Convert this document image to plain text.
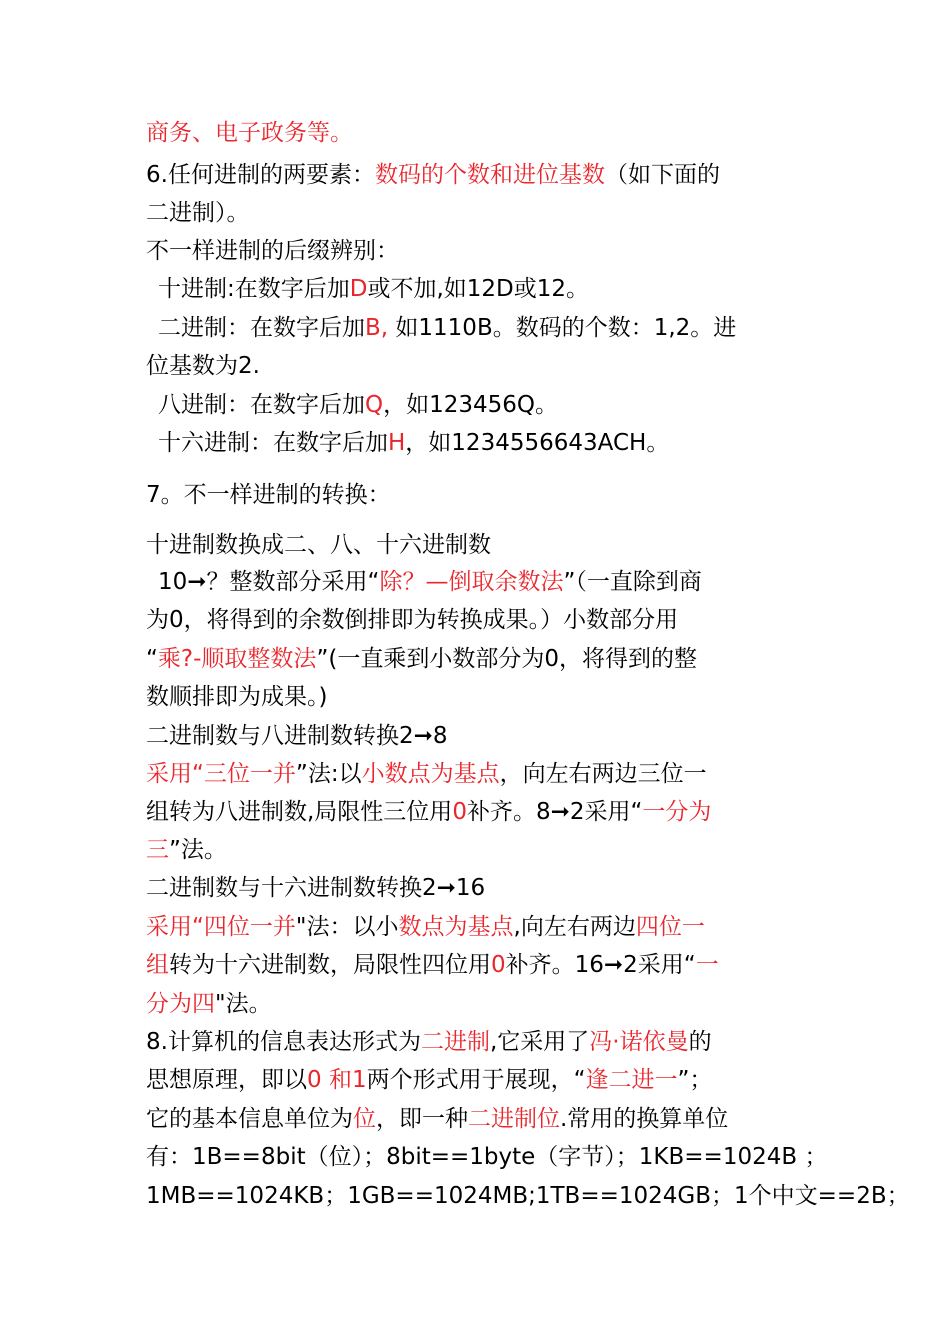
商务、电子政务等。
6.任何进制的两要素：数码的个数和进位基数（如下面的
二进制）。
不一样进制的后缀辨别：
十进制:在数字后加D或不加,如12D或12。
二进制：在数字后加B, 如1110B。数码的个数：1,2。进
位基数为2.
八进制：在数字后加Q，如123456Q。
十六进制：在数字后加H，如1234556643ACH。
7。不一样进制的转换：
十进制数换成二、八、十六进制数
10➞？整数部分采用“除？—倒取余数法”（一直除到商
为0，将得到的余数倒排即为转换成果。）小数部分用
“乘?-顺取整数法”(一直乘到小数部分为0，将得到的整
数顺排即为成果。)
二进制数与八进制数转换2➞8
采用“三位一并”法:以小数点为基点，向左右两边三位一
组转为八进制数,局限性三位用0补齐。8➞2采用“一分为
三”法。
二进制数与十六进制数转换2➞16
采用“四位一并"法：以小数点为基点,向左右两边四位一
组转为十六进制数，局限性四位用0补齐。16➞2采用“一
分为四"法。
8.计算机的信息表达形式为二进制,它采用了冯·诺依曼的
思想原理，即以0 和1两个形式用于展现，“逢二进一”；
它的基本信息单位为位，即一种二进制位.常用的换算单位
有：1B==8bit（位）；8bit==1byte（字节）；1KB==1024B ；
1MB==1024KB；1GB==1024MB;1TB==1024GB；1个中文==2B；
